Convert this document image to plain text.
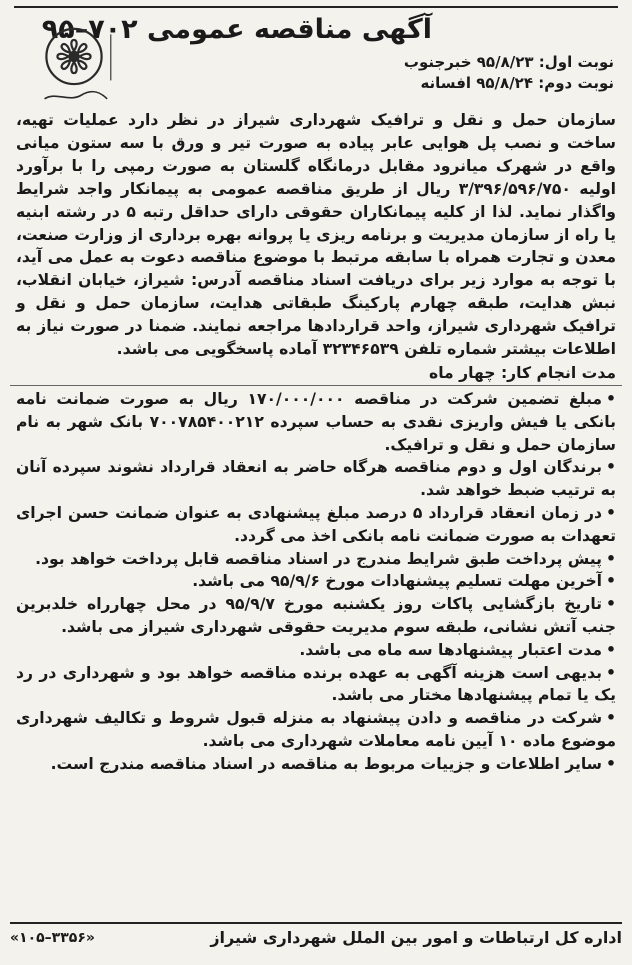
آگهی مناقصه عمومی ۷۰۲–۹۵
نوبت اول: ۹۵/۸/۲۳ خبرجنوب
نوبت دوم: ۹۵/۸/۲۴ افسانه
سازمان حمل و نقل و ترافیک شهرداری شیراز در نظر دارد عملیات تهیه، ساخت و نصب پل هوایی عابر پیاده به صورت تیر و ورق با سه ستون میانی واقع در شهرک میانرود مقابل درمانگاه گلستان به صورت رمپی را با برآورد اولیه ۳/۳۹۶/۵۹۶/۷۵۰ ریال از طریق مناقصه عمومی به پیمانکار واجد شرایط واگذار نماید. لذا از کلیه پیمانکاران حقوقی دارای حداقل رتبه ۵ در رشته ابنیه یا راه از سازمان مدیریت و برنامه ریزی یا پروانه بهره برداری از وزارت صنعت، معدن و تجارت همراه با سابقه مرتبط با موضوع مناقصه دعوت به عمل می آید، با توجه به موارد زیر برای دریافت اسناد مناقصه آدرس: شیراز، خیابان انقلاب، نبش هدایت، طبقه چهارم پارکینگ طبقاتی هدایت، سازمان حمل و نقل و ترافیک شهرداری شیراز، واحد قراردادها مراجعه نمایند. ضمنا در صورت نیاز به اطلاعات بیشتر شماره تلفن ۳۲۳۴۶۵۳۹ آماده پاسخگویی می باشد.
مدت انجام کار: چهار ماه
• مبلغ تضمین شرکت در مناقصه ۱۷۰/۰۰۰/۰۰۰ ریال به صورت ضمانت نامه بانکی یا فیش واریزی نقدی به حساب سپرده ۷۰۰۷۸۵۴۰۰۲۱۲ بانک شهر به نام سازمان حمل و نقل و ترافیک.
• برندگان اول و دوم مناقصه هرگاه حاضر به انعقاد قرارداد نشوند سپرده آنان به ترتیب ضبط خواهد شد.
• در زمان انعقاد قرارداد ۵ درصد مبلغ پیشنهادی به عنوان ضمانت حسن اجرای تعهدات به صورت ضمانت نامه بانکی اخذ می گردد.
• پیش پرداخت طبق شرایط مندرج در اسناد مناقصه قابل پرداخت خواهد بود.
• آخرین مهلت تسلیم پیشنهادات مورخ ۹۵/۹/۶ می باشد.
• تاریخ بازگشایی پاکات روز یکشنبه مورخ ۹۵/۹/۷ در محل چهارراه خلدبرین جنب آتش نشانی، طبقه سوم مدیریت حقوقی شهرداری شیراز می باشد.
• مدت اعتبار پیشنهادها سه ماه می باشد.
• بدیهی است هزینه آگهی به عهده برنده مناقصه خواهد بود و شهرداری در رد یک یا تمام پیشنهادها مختار می باشد.
• شرکت در مناقصه و دادن پیشنهاد به منزله قبول شروط و تکالیف شهرداری موضوع ماده ۱۰ آیین نامه معاملات شهرداری می باشد.
• سایر اطلاعات و جزییات مربوط به مناقصه در اسناد مناقصه مندرج است.
اداره کل ارتباطات و امور بین الملل شهرداری شیراز
«۱۰۵–۳۳۵۶»
